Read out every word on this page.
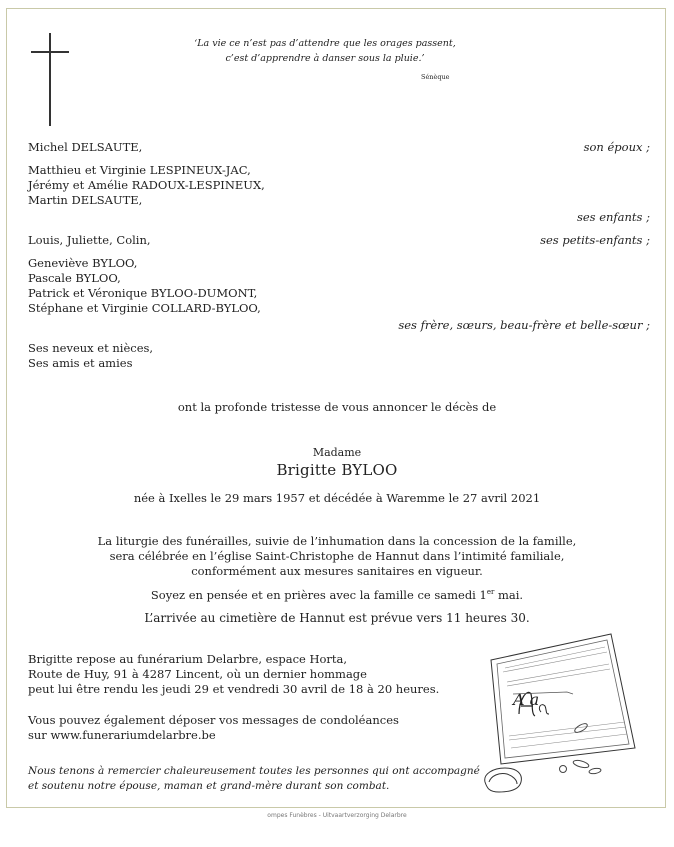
‘La vie ce n’est pas d’attendre que les orages passent,
c’est d’apprendre à danser sous la pluie.’
Sénèque
Michel DELSAUTE,	son époux ;
Matthieu et Virginie LESPINEUX-JAC,
Jérémy et Amélie RADOUX-LESPINEUX,
Martin DELSAUTE,
ses enfants ;
Louis, Juliette, Colin,	ses petits-enfants ;
Geneviève BYLOO,
Pascale BYLOO,
Patrick et Véronique BYLOO-DUMONT,
Stéphane et Virginie COLLARD-BYLOO,
ses frère, sœurs, beau-frère et belle-sœur ;
Ses neveux et nièces,
Ses amis et amies
ont la profonde tristesse de vous annoncer le décès de
Madame
Brigitte BYLOO
née à Ixelles le 29 mars 1957 et décédée à Waremme le 27 avril 2021
La liturgie des funérailles, suivie de l’inhumation dans la concession de la famille,
sera célébrée en l’église Saint-Christophe de Hannut dans l’intimité familiale,
conformément aux mesures sanitaires en vigueur.
Soyez en pensée et en prières avec la famille ce samedi 1er mai.
L’arrivée au cimetière de Hannut est prévue vers 11 heures 30.
Brigitte repose au funérarium Delarbre, espace Horta,
Route de Huy, 91 à 4287 Lincent, où un dernier hommage
peut lui être rendu les jeudi 29 et vendredi 30 avril de 18 à 20 heures.
Vous pouvez également déposer vos messages de condoléances
sur www.funerariumdelarbre.be
Nous tenons à remercier chaleureusement toutes les personnes qui ont accompagné
et soutenu notre épouse, maman et grand-mère durant son combat.
ompes Funèbres - Uitvaartverzorging Delarbre
A a
